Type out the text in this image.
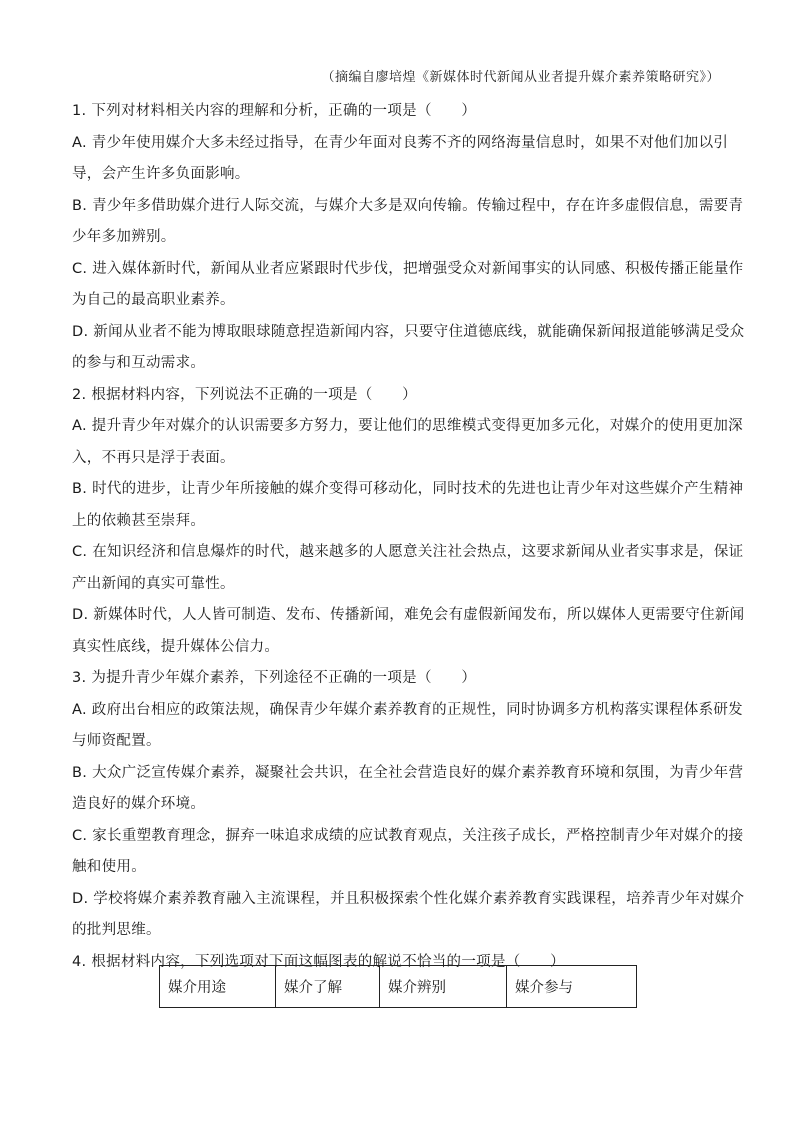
（摘编自廖培煌《新媒体时代新闻从业者提升媒介素养策略研究》）
1. 下列对材料相关内容的理解和分析，正确的一项是（　　）
A. 青少年使用媒介大多未经过指导，在青少年面对良莠不齐的网络海量信息时，如果不对他们加以引
导，会产生许多负面影响。
B. 青少年多借助媒介进行人际交流，与媒介大多是双向传输。传输过程中，存在许多虚假信息，需要青
少年多加辨别。
C. 进入媒体新时代，新闻从业者应紧跟时代步伐，把增强受众对新闻事实的认同感、积极传播正能量作
为自己的最高职业素养。
D. 新闻从业者不能为博取眼球随意捏造新闻内容，只要守住道德底线，就能确保新闻报道能够满足受众
的参与和互动需求。
2. 根据材料内容，下列说法不正确的一项是（　　）
A. 提升青少年对媒介的认识需要多方努力，要让他们的思维模式变得更加多元化，对媒介的使用更加深
入，不再只是浮于表面。
B. 时代的进步，让青少年所接触的媒介变得可移动化，同时技术的先进也让青少年对这些媒介产生精神
上的依赖甚至崇拜。
C. 在知识经济和信息爆炸的时代，越来越多的人愿意关注社会热点，这要求新闻从业者实事求是，保证
产出新闻的真实可靠性。
D. 新媒体时代，人人皆可制造、发布、传播新闻，难免会有虚假新闻发布，所以媒体人更需要守住新闻
真实性底线，提升媒体公信力。
3. 为提升青少年媒介素养，下列途径不正确的一项是（　　）
A. 政府出台相应的政策法规，确保青少年媒介素养教育的正规性，同时协调多方机构落实课程体系研发
与师资配置。
B. 大众广泛宣传媒介素养，凝聚社会共识，在全社会营造良好的媒介素养教育环境和氛围，为青少年营
造良好的媒介环境。
C. 家长重塑教育理念，摒弃一味追求成绩的应试教育观点，关注孩子成长，严格控制青少年对媒介的接
触和使用。
D. 学校将媒介素养教育融入主流课程，并且积极探索个性化媒介素养教育实践课程，培养青少年对媒介
的批判思维。
4. 根据材料内容，下列选项对下面这幅图表的解说不恰当的一项是（　　）
媒介用途	媒介了解	媒介辨别	媒介参与
